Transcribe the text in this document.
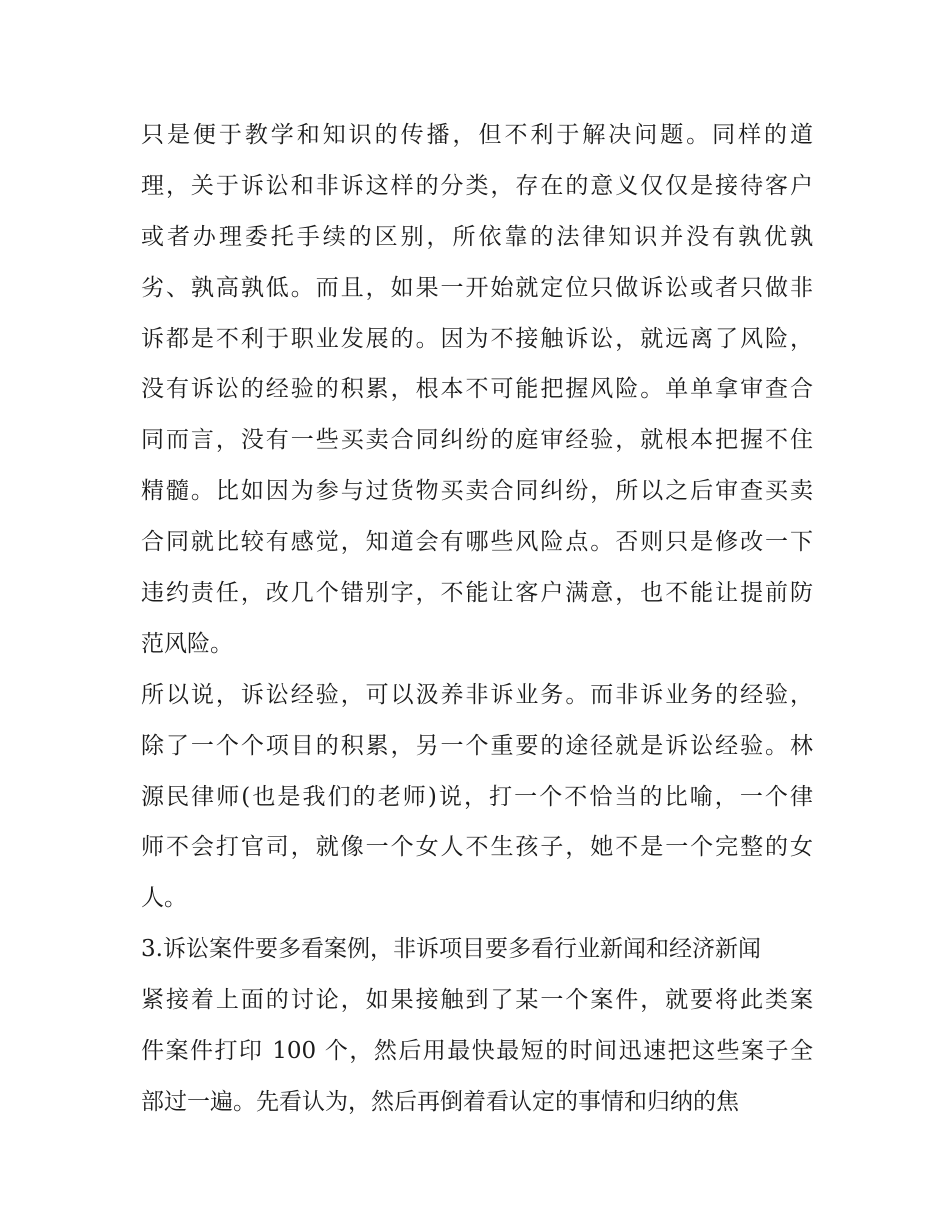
只是便于教学和知识的传播，但不利于解决问题。同样的道
理，关于诉讼和非诉这样的分类，存在的意义仅仅是接待客户
或者办理委托手续的区别，所依靠的法律知识并没有孰优孰
劣、孰高孰低。而且，如果一开始就定位只做诉讼或者只做非
诉都是不利于职业发展的。因为不接触诉讼，就远离了风险，
没有诉讼的经验的积累，根本不可能把握风险。单单拿审查合
同而言，没有一些买卖合同纠纷的庭审经验，就根本把握不住
精髓。比如因为参与过货物买卖合同纠纷，所以之后审查买卖
合同就比较有感觉，知道会有哪些风险点。否则只是修改一下
违约责任，改几个错别字，不能让客户满意，也不能让提前防
范风险。
所以说，诉讼经验，可以汲养非诉业务。而非诉业务的经验，
除了一个个项目的积累，另一个重要的途径就是诉讼经验。林
源民律师(也是我们的老师)说，打一个不恰当的比喻，一个律
师不会打官司，就像一个女人不生孩子，她不是一个完整的女
人。
3.诉讼案件要多看案例，非诉项目要多看行业新闻和经济新闻
紧接着上面的讨论，如果接触到了某一个案件，就要将此类案
件案件打印 100 个，然后用最快最短的时间迅速把这些案子全
部过一遍。先看认为，然后再倒着看认定的事情和归纳的焦
